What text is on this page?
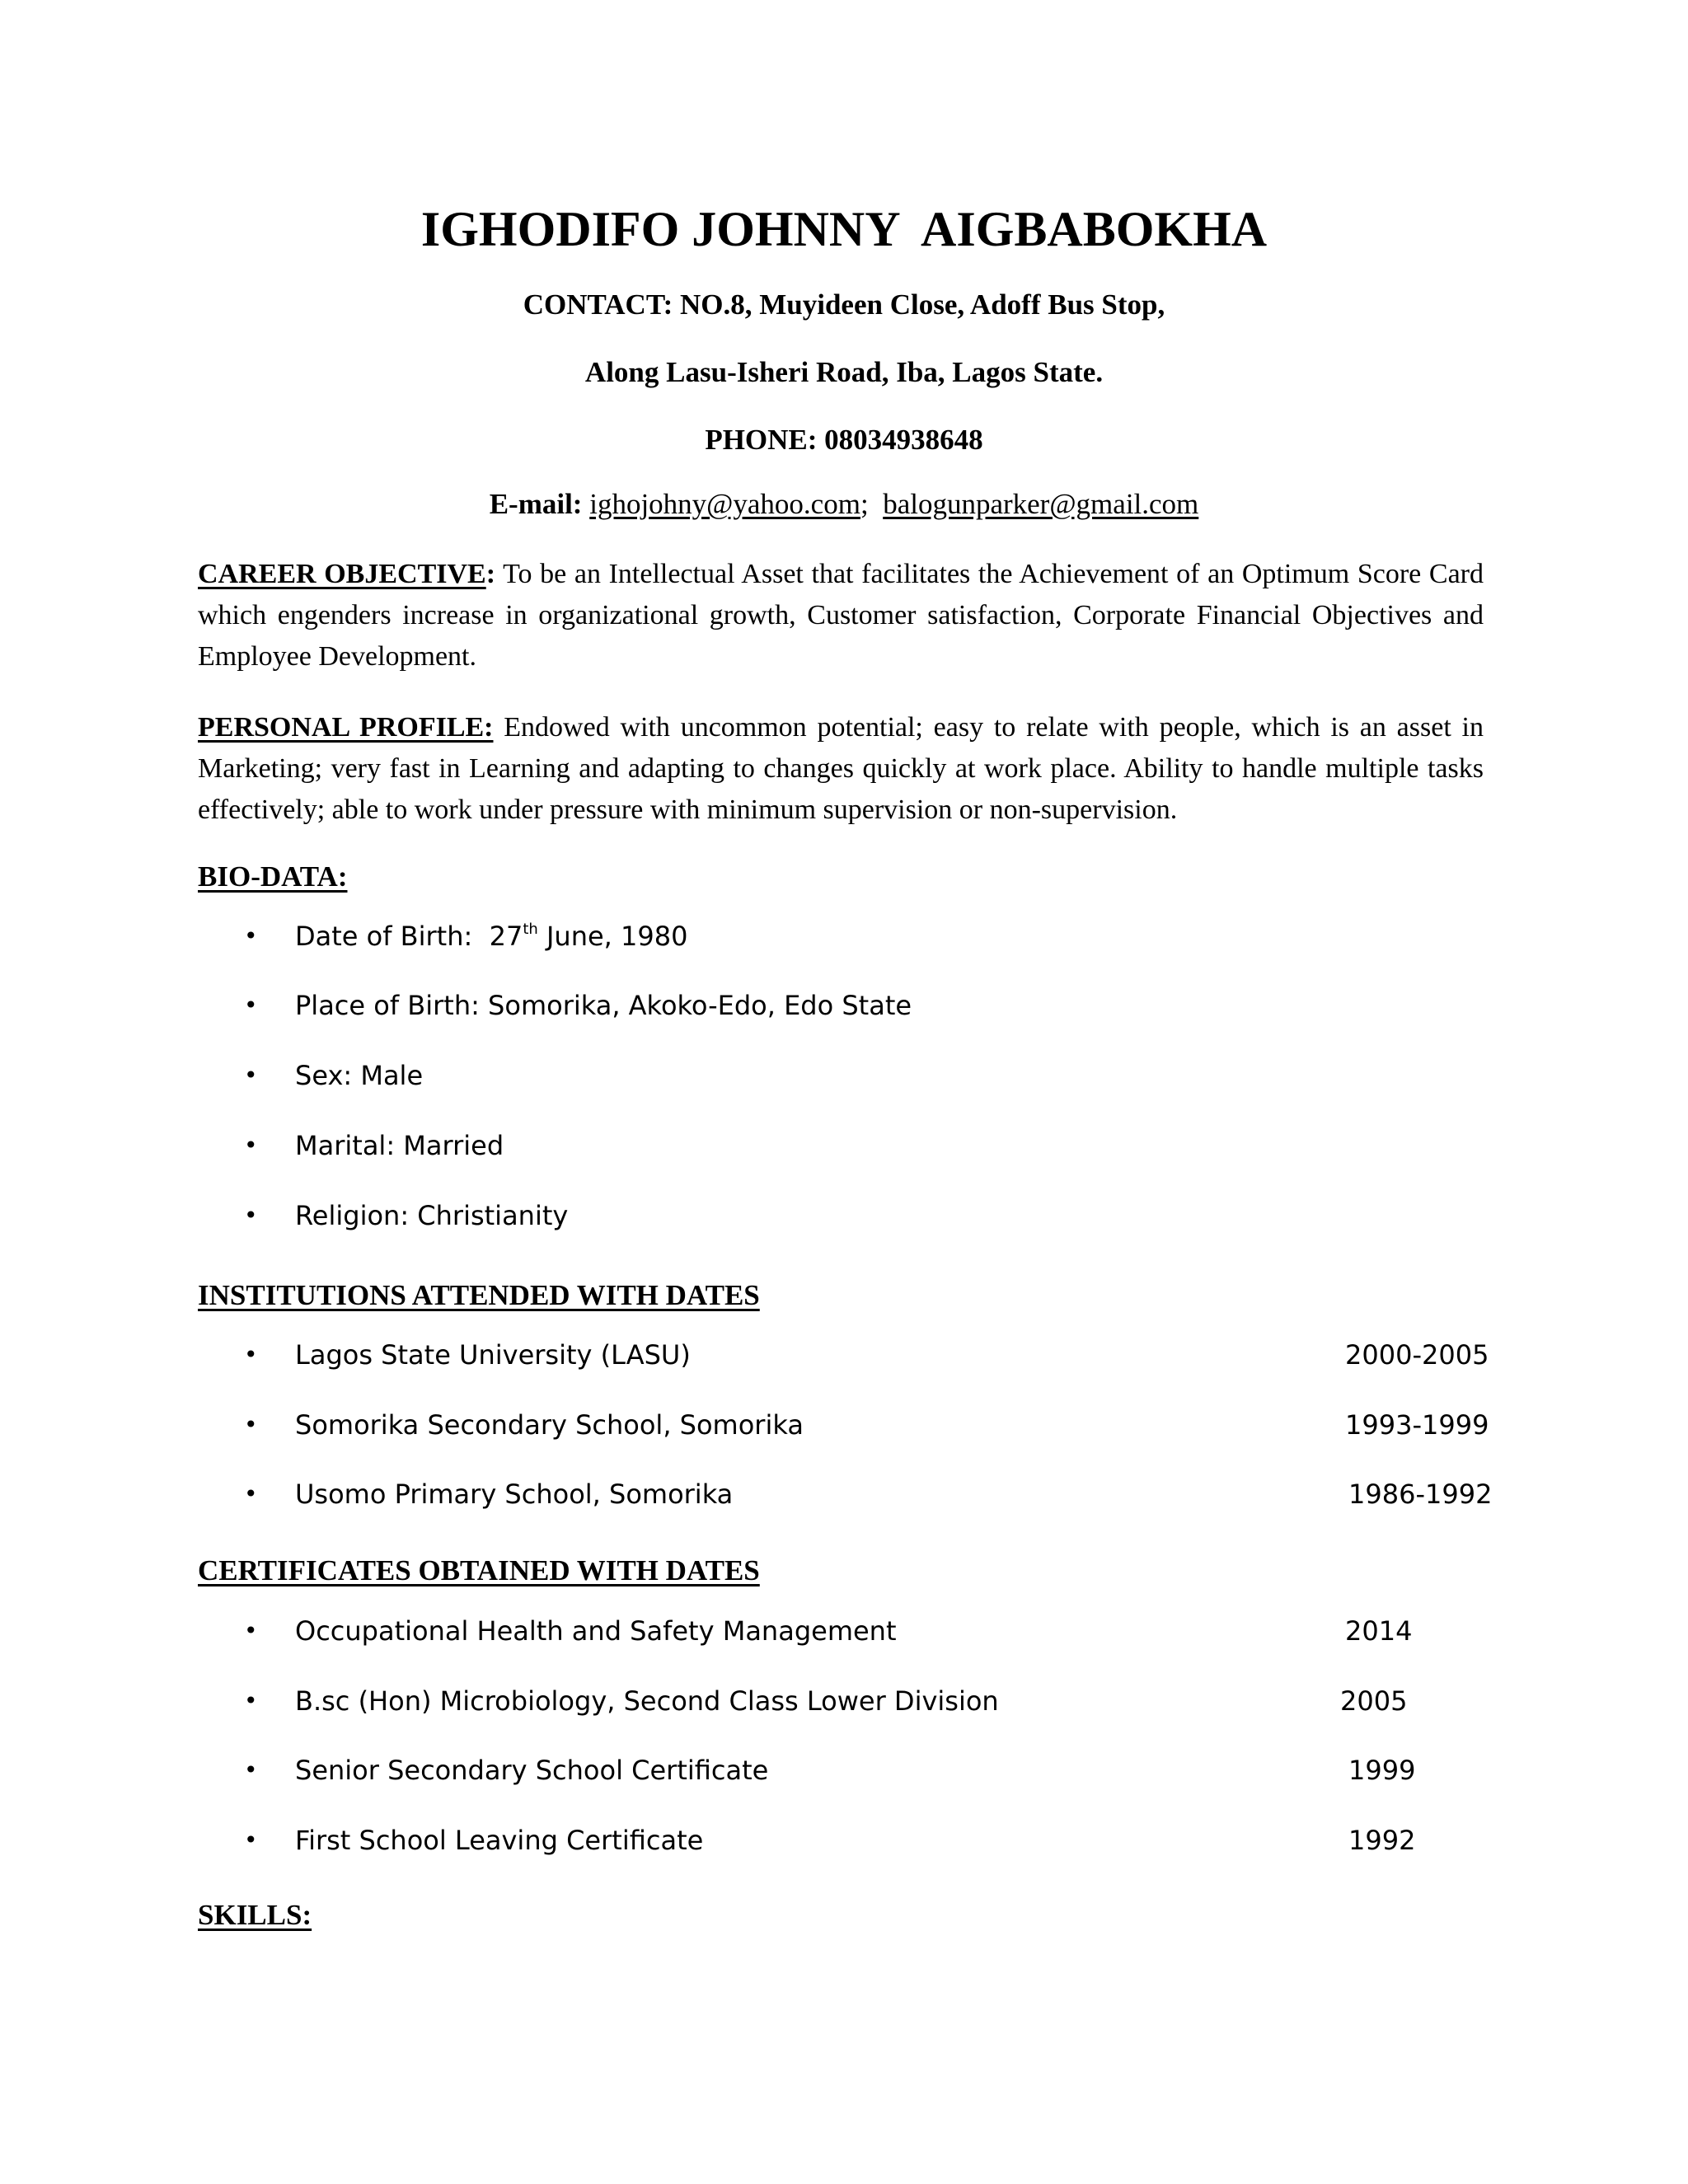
IGHODIFO JOHNNY  AIGBABOKHA
CONTACT: NO.8, Muyideen Close, Adoff Bus Stop,
Along Lasu-Isheri Road, Iba, Lagos State.
PHONE: 08034938648
E-mail: ighojohny@yahoo.com; balogunparker@gmail.com
CAREER OBJECTIVE: To be an Intellectual Asset that facilitates the Achievement of an Optimum Score Card which engenders increase in organizational growth, Customer satisfaction, Corporate Financial Objectives and Employee Development.
PERSONAL PROFILE: Endowed with uncommon potential; easy to relate with people, which is an asset in Marketing; very fast in Learning and adapting to changes quickly at work place. Ability to handle multiple tasks effectively; able to work under pressure with minimum supervision or non-supervision.
BIO-DATA:
• Date of Birth:  27th June, 1980
• Place of Birth: Somorika, Akoko-Edo, Edo State
• Sex: Male
• Marital: Married
• Religion: Christianity
INSTITUTIONS ATTENDED WITH DATES
• Lagos State University (LASU)	2000-2005
• Somorika Secondary School, Somorika	1993-1999
• Usomo Primary School, Somorika	1986-1992
CERTIFICATES OBTAINED WITH DATES
• Occupational Health and Safety Management	2014
• B.sc (Hon) Microbiology, Second Class Lower Division	2005
• Senior Secondary School Certificate	1999
• First School Leaving Certificate	1992
SKILLS:
